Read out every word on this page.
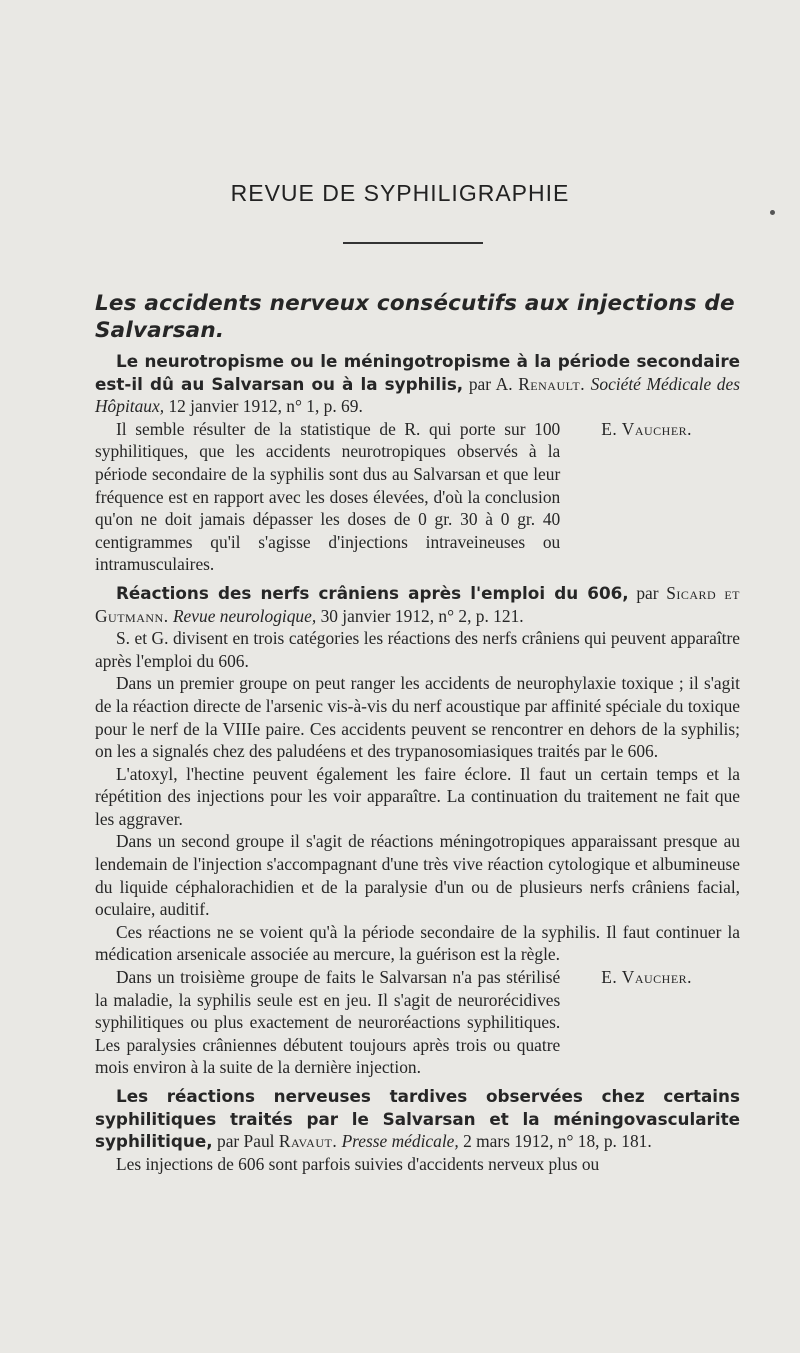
REVUE DE SYPHILIGRAPHIE
Les accidents nerveux consécutifs aux injections de Salvarsan.
Le neurotropisme ou le méningotropisme à la période secondaire est-il dû au Salvarsan ou à la syphilis, par A. Renault. Société Médicale des Hôpitaux, 12 janvier 1912, n° 1, p. 69.

Il semble résulter de la statistique de R. qui porte sur 100 syphilitiques, que les accidents neurotropiques observés à la période secondaire de la syphilis sont dus au Salvarsan et que leur fréquence est en rapport avec les doses élevées, d'où la conclusion qu'on ne doit jamais dépasser les doses de 0 gr. 30 à 0 gr. 40 centigrammes qu'il s'agisse d'injections intraveineuses ou intramusculaires.
E. Vaucher.

Réactions des nerfs crâniens après l'emploi du 606, par Sicard et Gutmann. Revue neurologique, 30 janvier 1912, n° 2, p. 121.

S. et G. divisent en trois catégories les réactions des nerfs crâniens qui peuvent apparaître après l'emploi du 606.

Dans un premier groupe on peut ranger les accidents de neurophylaxie toxique ; il s'agit de la réaction directe de l'arsenic vis-à-vis du nerf acoustique par affinité spéciale du toxique pour le nerf de la VIIIe paire. Ces accidents peuvent se rencontrer en dehors de la syphilis; on les a signalés chez des paludéens et des trypanosomiasiques traités par le 606.

L'atoxyl, l'hectine peuvent également les faire éclore. Il faut un certain temps et la répétition des injections pour les voir apparaître. La continuation du traitement ne fait que les aggraver.

Dans un second groupe il s'agit de réactions méningotropiques apparaissant presque au lendemain de l'injection s'accompagnant d'une très vive réaction cytologique et albumineuse du liquide céphalorachidien et de la paralysie d'un ou de plusieurs nerfs crâniens facial, oculaire, auditif.

Ces réactions ne se voient qu'à la période secondaire de la syphilis. Il faut continuer la médication arsenicale associée au mercure, la guérison est la règle.

Dans un troisième groupe de faits le Salvarsan n'a pas stérilisé la maladie, la syphilis seule est en jeu. Il s'agit de neurorécidives syphilitiques ou plus exactement de neuroréactions syphilitiques. Les paralysies crâniennes débutent toujours après trois ou quatre mois environ à la suite de la dernière injection.
E. Vaucher.

Les réactions nerveuses tardives observées chez certains syphilitiques traités par le Salvarsan et la méningovascularite syphilitique, par Paul Ravaut. Presse médicale, 2 mars 1912, n° 18, p. 181.

Les injections de 606 sont parfois suivies d'accidents nerveux plus ou
